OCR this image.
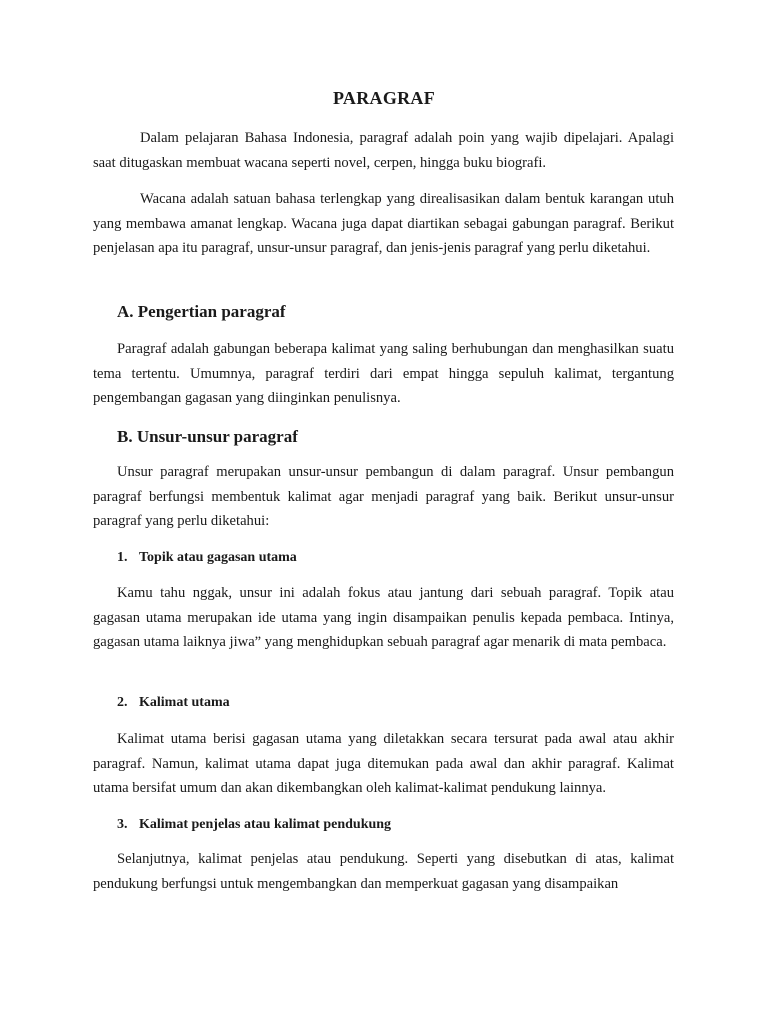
PARAGRAF

Dalam pelajaran Bahasa Indonesia, paragraf adalah poin yang wajib dipelajari. Apalagi saat ditugaskan membuat wacana seperti novel, cerpen, hingga buku biografi.

Wacana adalah satuan bahasa terlengkap yang direalisasikan dalam bentuk karangan utuh yang membawa amanat lengkap. Wacana juga dapat diartikan sebagai gabungan paragraf. Berikut penjelasan apa itu paragraf, unsur-unsur paragraf, dan jenis-jenis paragraf yang perlu diketahui.

A. Pengertian paragraf

Paragraf adalah gabungan beberapa kalimat yang saling berhubungan dan menghasilkan suatu tema tertentu. Umumnya, paragraf terdiri dari empat hingga sepuluh kalimat, tergantung pengembangan gagasan yang diinginkan penulisnya.

B. Unsur-unsur paragraf

Unsur paragraf merupakan unsur-unsur pembangun di dalam paragraf. Unsur pembangun paragraf berfungsi membentuk kalimat agar menjadi paragraf yang baik. Berikut unsur-unsur paragraf yang perlu diketahui:

1. Topik atau gagasan utama

Kamu tahu nggak, unsur ini adalah fokus atau jantung dari sebuah paragraf. Topik atau gagasan utama merupakan ide utama yang ingin disampaikan penulis kepada pembaca. Intinya, gagasan utama laiknya jiwa” yang menghidupkan sebuah paragraf agar menarik di mata pembaca.

2. Kalimat utama

Kalimat utama berisi gagasan utama yang diletakkan secara tersurat pada awal atau akhir paragraf. Namun, kalimat utama dapat juga ditemukan pada awal dan akhir paragraf. Kalimat utama bersifat umum dan akan dikembangkan oleh kalimat-kalimat pendukung lainnya.

3. Kalimat penjelas atau kalimat pendukung

Selanjutnya, kalimat penjelas atau pendukung. Seperti yang disebutkan di atas, kalimat pendukung berfungsi untuk mengembangkan dan memperkuat gagasan yang disampaikan
